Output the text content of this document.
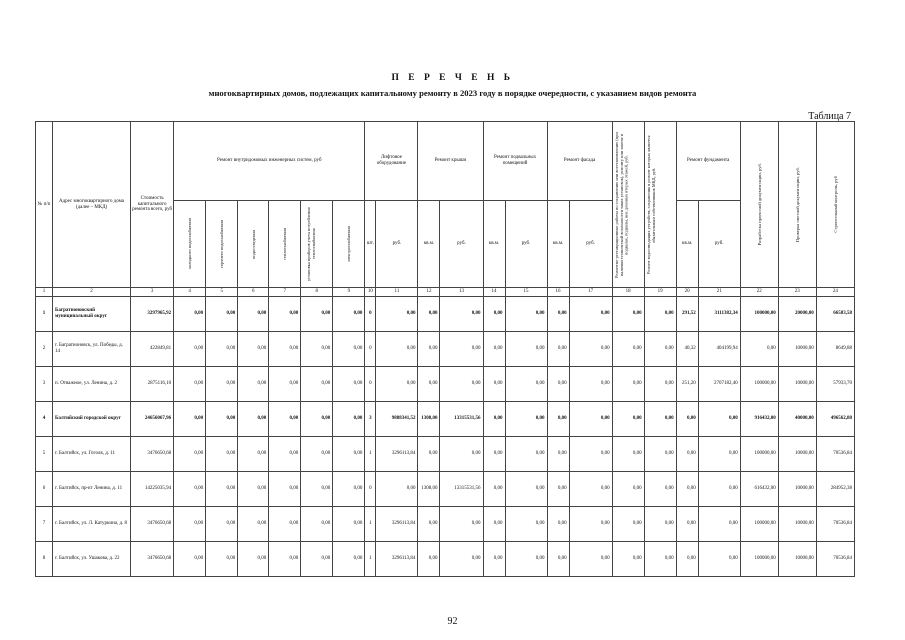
П Е Р Е Ч Е Н Ь
многоквартирных домов, подлежащих капитальному ремонту в 2023 году в порядке очередности, с указанием видов ремонта
Таблица 7
№ п/п	Адрес многоквартирного дома (далее – МКД)	Стоимость капитального ремонта всего, руб	Ремонт внутридомовых инженерных систем, руб						Лифтовое оборудование		Ремонт крыши		Ремонт подвальных помещений		Ремонт фасада		Ремонтно-реставрационные работы по сохранению или восстановлению (при наличии технической возможности таких установок), ремонту или замене в подвалах, подвалы, вне домовых вторых этажей, руб.	Ремонт водоотводящих устройств, сохранения в ремонт которых является обязательным собственников МКД, руб.	Ремонт фундамента		Разработка проектной документации, руб.	Проверка сметной документации, руб.	Строительный контроль, руб

			холодного водоснабжения	горячего водоснабжения	водоотведения	теплоснабжения	установка приборов учета потребления теплоснабжения	электроснабжения	шт.	руб.	кв.м.	руб.	кв.м.	руб.	кв.м.	руб.			кв.м.	руб.			

1	2	3	4	5	6	7	8	9	10	11	12	13	14	15	16	17	18	19	20	21	22	23	24
1	Багратионовский муниципальный округ	3297965,92	0,00	0,00	0,00	0,00	0,00	0,00	0	0,00	0,00	0,00	0,00	0,00	0,00	0,00	0,00	0,00	291,52	3111382,34	100000,00	20000,00	66583,58
2	г. Багратионовск, ул. Победы, д. 14	422849,81	0,00	0,00	0,00	0,00	0,00	0,00	0	0,00	0,00	0,00	0,00	0,00	0,00	0,00	0,00	0,00	40,32	404199,94	0,00	10000,00	8649,88
3	п. Отважное, ул. Ленина, д. 2	2875116,10	0,00	0,00	0,00	0,00	0,00	0,00	0	0,00	0,00	0,00	0,00	0,00	0,00	0,00	0,00	0,00	251,20	2707182,40	100000,00	10000,00	57933,70
4	Балтийский городской округ	24656067,96	0,00	0,00	0,00	0,00	0,00	0,00	3	9888341,52	1308,00	13315531,56	0,00	0,00	0,00	0,00	0,00	0,00	0,00	0,00	916432,00	40000,00	496562,88
5	г. Балтийск, ул. Гоголя, д. 11	3476650,68	0,00	0,00	0,00	0,00	0,00	0,00	1	3296113,84	0,00	0,00	0,00	0,00	0,00	0,00	0,00	0,00	0,00	0,00	100000,00	10000,00	70536,84
6	г. Балтийск, пр-кт Ленина, д. 11	14225035,94	0,00	0,00	0,00	0,00	0,00	0,00	0	0,00	1308,00	13315531,56	0,00	0,00	0,00	0,00	0,00	0,00	0,00	0,00	616432,00	10000,00	284952,38
7	г. Балтийск, ул. Л. Катуркина, д. 8	3476650,68	0,00	0,00	0,00	0,00	0,00	0,00	1	3296113,84	0,00	0,00	0,00	0,00	0,00	0,00	0,00	0,00	0,00	0,00	100000,00	10000,00	70536,84
8	г. Балтийск, ул. Ушакова, д. 22	3476650,68	0,00	0,00	0,00	0,00	0,00	0,00	1	3296113,84	0,00	0,00	0,00	0,00	0,00	0,00	0,00	0,00	0,00	0,00	100000,00	10000,00	70536,84
92
